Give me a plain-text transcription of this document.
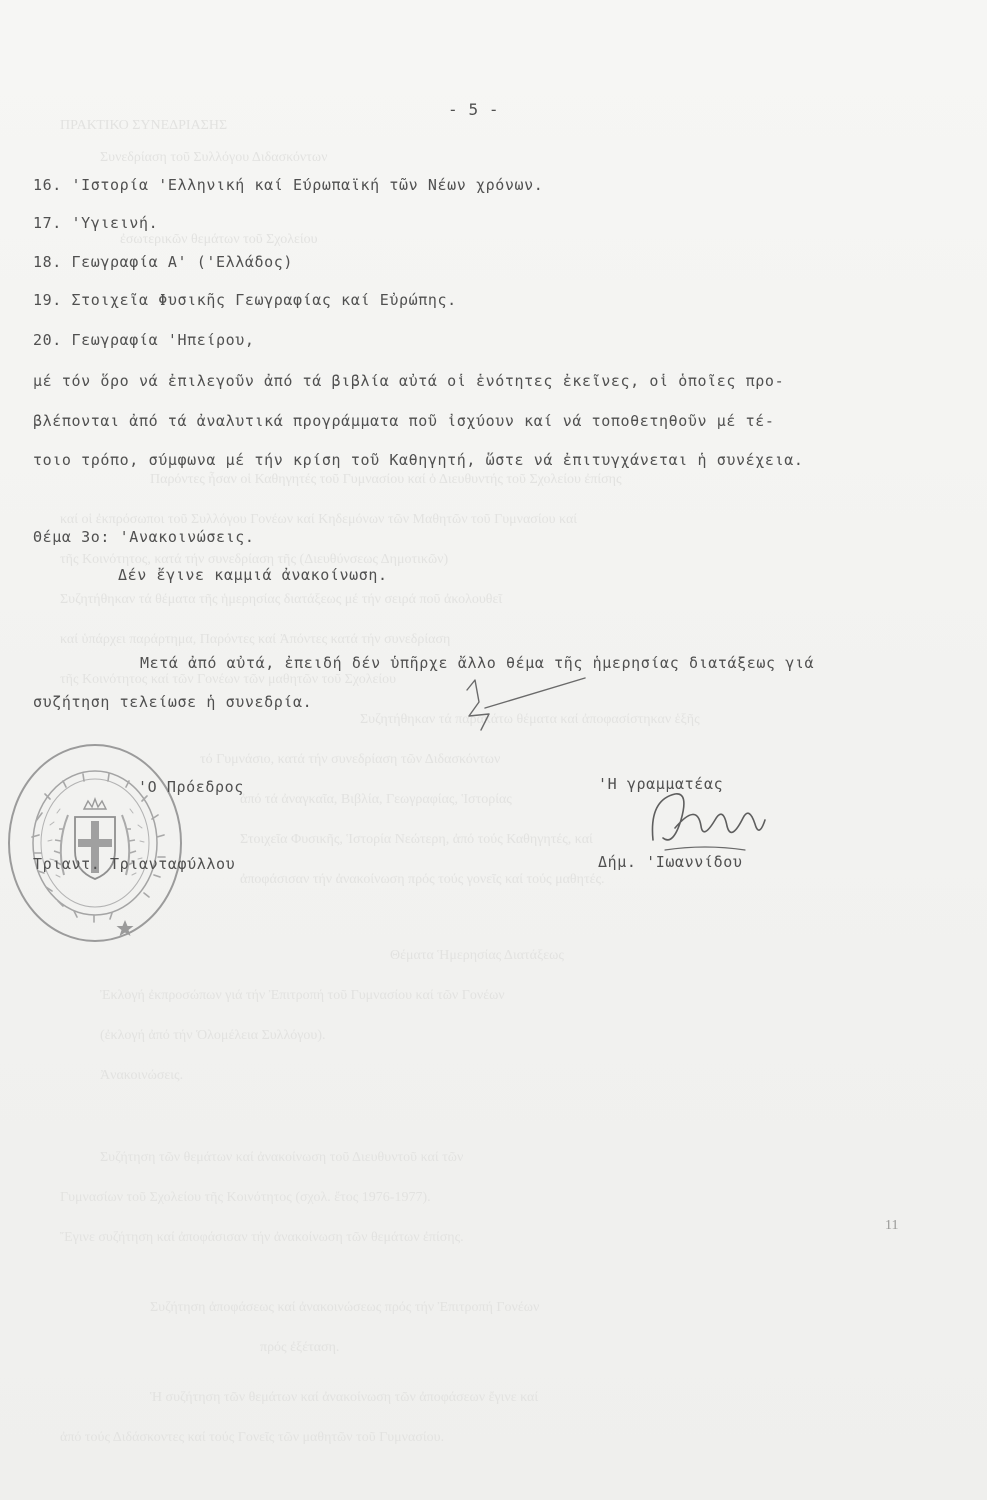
ΠΡΑΚΤΙΚΟ ΣΥΝΕΔΡΙΑΣΗΣ
Συνεδρίαση τοῦ Συλλόγου Διδασκόντων
ἐσωτερικῶν θεμάτων τοῦ Σχολείου
Παρόντες ἦσαν οἱ Καθηγητές τοῦ Γυμνασίου καί ὁ Διευθυντής τοῦ Σχολείου ἐπίσης
καί οἱ ἐκπρόσωποι τοῦ Συλλόγου Γονέων καί Κηδεμόνων τῶν Μαθητῶν τοῦ Γυμνασίου καί
τῆς Κοινότητος, κατά τήν συνεδρίαση τῆς (Διευθύνσεως Δημοτικῶν)
Συζητήθηκαν τά θέματα τῆς ἡμερησίας διατάξεως μέ τήν σειρά ποῦ ἀκολουθεῖ
καί ὑπάρχει παράρτημα, Παρόντες καί Ἀπόντες κατά τήν συνεδρίαση
τῆς Κοινότητος καί τῶν Γονέων τῶν μαθητῶν τοῦ Σχολείου
Συζητήθηκαν τά παρακάτω θέματα καί ἀποφασίστηκαν ἑξῆς
τό Γυμνάσιο, κατά τήν συνεδρίαση τῶν Διδασκόντων
ἀπό τά ἀναγκαῖα, Βιβλία, Γεωγραφίας, Ἱστορίας
Στοιχεῖα Φυσικῆς, Ἱστορία Νεώτερη, ἀπό τούς Καθηγητές, καί
ἀποφάσισαν τήν ἀνακοίνωση πρός τούς γονεῖς καί τούς μαθητές.
Θέματα Ἡμερησίας Διατάξεως
Ἐκλογή ἐκπροσώπων γιά τήν Ἐπιτροπή τοῦ Γυμνασίου καί τῶν Γονέων
(ἐκλογή ἀπό τήν Ὁλομέλεια Συλλόγου).
Ἀνακοινώσεις.
Συζήτηση τῶν θεμάτων καί ἀνακοίνωση τοῦ Διευθυντοῦ καί τῶν
Γυμνασίων τοῦ Σχολείου τῆς Κοινότητος (σχολ. ἔτος 1976-1977).
Ἔγινε συζήτηση καί ἀποφάσισαν τήν ἀνακοίνωση τῶν θεμάτων ἐπίσης.
Συζήτηση ἀποφάσεως καί ἀνακοινώσεως πρός τήν Ἐπιτροπή Γονέων
πρός ἐξέταση.
Ἡ συζήτηση τῶν θεμάτων καί ἀνακοίνωση τῶν ἀποφάσεων ἔγινε καί
ἀπό τούς Διδάσκοντες καί τούς Γονεῖς τῶν μαθητῶν τοῦ Γυμνασίου.
- 5 -
16. 'Ιστορία 'Ελληνική καί Εύρωπαϊκή τῶν Νέων χρόνων.
17. 'Υγιεινή.
18. Γεωγραφία Α' ('Ελλάδος)
19. Στοιχεῖα Φυσικῆς Γεωγραφίας καί Εὐρώπης.
20. Γεωγραφία 'Ηπείρου,
μέ τόν ὅρο νά ἐπιλεγοῦν ἀπό τά βιβλία αὐτά οἱ ἑνότητες ἐκεῖνες, οἱ ὁποῖες προ-
βλέπονται ἀπό τά ἀναλυτικά προγράμματα ποῦ ἰσχύουν καί νά τοποθετηθοῦν μέ τέ-
τοιο τρόπο, σύμφωνα μέ τήν κρίση τοῦ Καθηγητή, ὥστε νά ἐπιτυγχάνεται ἡ συνέχεια.
Θέμα 3ο: 'Ανακοινώσεις.
Δέν ἔγινε καμμιά ἀνακοίνωση.
Μετά ἀπό αὐτά, ἐπειδή δέν ὑπῆρχε ἄλλο θέμα τῆς ἡμερησίας διατάξεως γιά
συζήτηση τελείωσε ἡ συνεδρία.
'Ο Πρόεδρος	'Η γραμματέας
Τριαντ. Τριανταφύλλου	Δήμ. 'Ιωαννίδου
11
